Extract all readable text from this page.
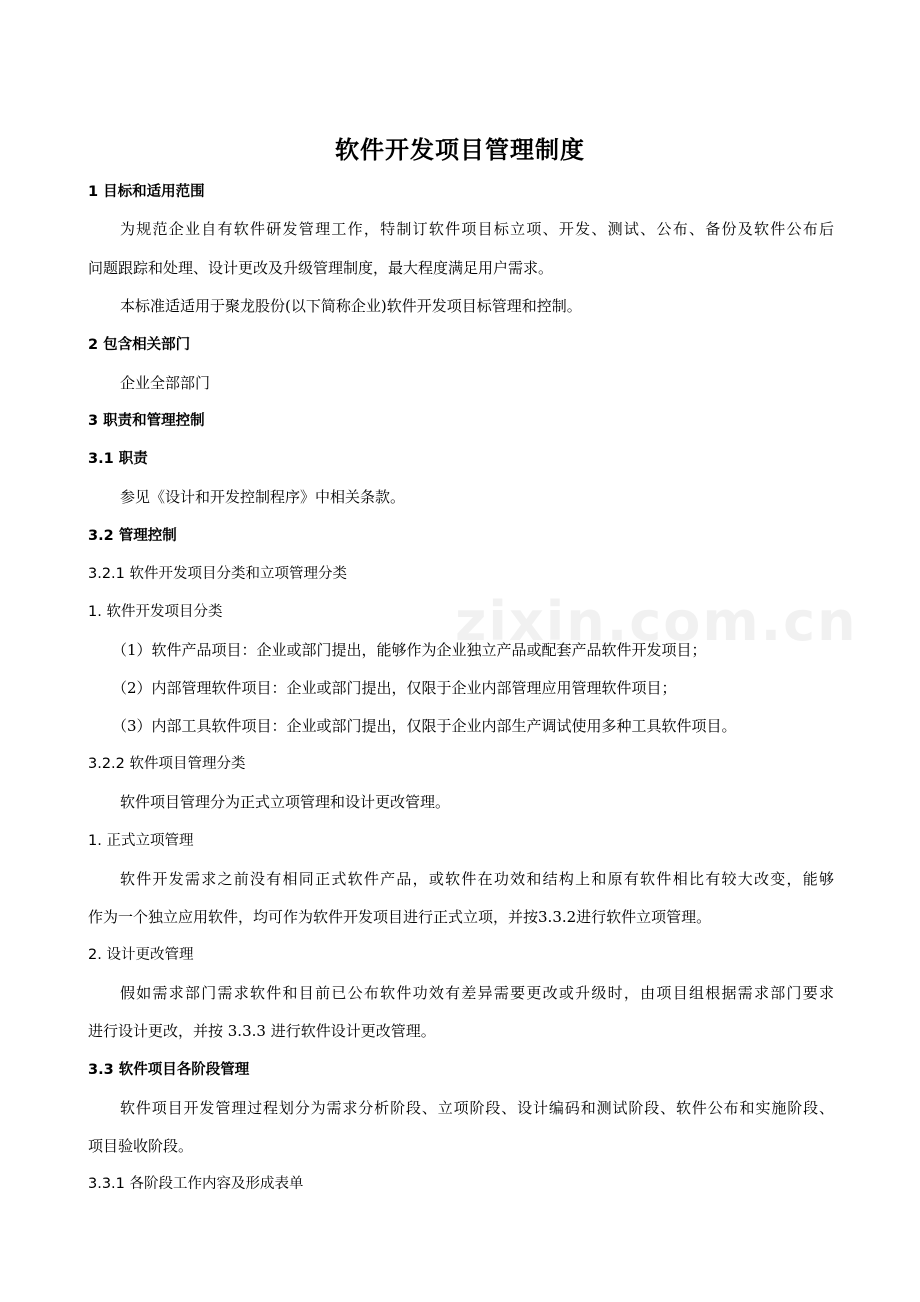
zixin.com.cn
软件开发项目管理制度
1 目标和适用范围
为规范企业自有软件研发管理工作，特制订软件项目标立项、开发、测试、公布、备份及软件公布后
问题跟踪和处理、设计更改及升级管理制度，最大程度满足用户需求。
本标准适适用于聚龙股份(以下简称企业)软件开发项目标管理和控制。
2 包含相关部门
企业全部部门
3 职责和管理控制
3.1 职责
参见《设计和开发控制程序》中相关条款。
3.2 管理控制
3.2.1 软件开发项目分类和立项管理分类
1. 软件开发项目分类
（1）软件产品项目：企业或部门提出，能够作为企业独立产品或配套产品软件开发项目；
（2）内部管理软件项目：企业或部门提出，仅限于企业内部管理应用管理软件项目；
（3）内部工具软件项目：企业或部门提出，仅限于企业内部生产调试使用多种工具软件项目。
3.2.2 软件项目管理分类
软件项目管理分为正式立项管理和设计更改管理。
1. 正式立项管理
软件开发需求之前没有相同正式软件产品，或软件在功效和结构上和原有软件相比有较大改变，能够
作为一个独立应用软件，均可作为软件开发项目进行正式立项，并按3.3.2进行软件立项管理。
2. 设计更改管理
假如需求部门需求软件和目前已公布软件功效有差异需要更改或升级时，由项目组根据需求部门要求
进行设计更改，并按 3.3.3 进行软件设计更改管理。
3.3 软件项目各阶段管理
软件项目开发管理过程划分为需求分析阶段、立项阶段、设计编码和测试阶段、软件公布和实施阶段、
项目验收阶段。
3.3.1 各阶段工作内容及形成表单
